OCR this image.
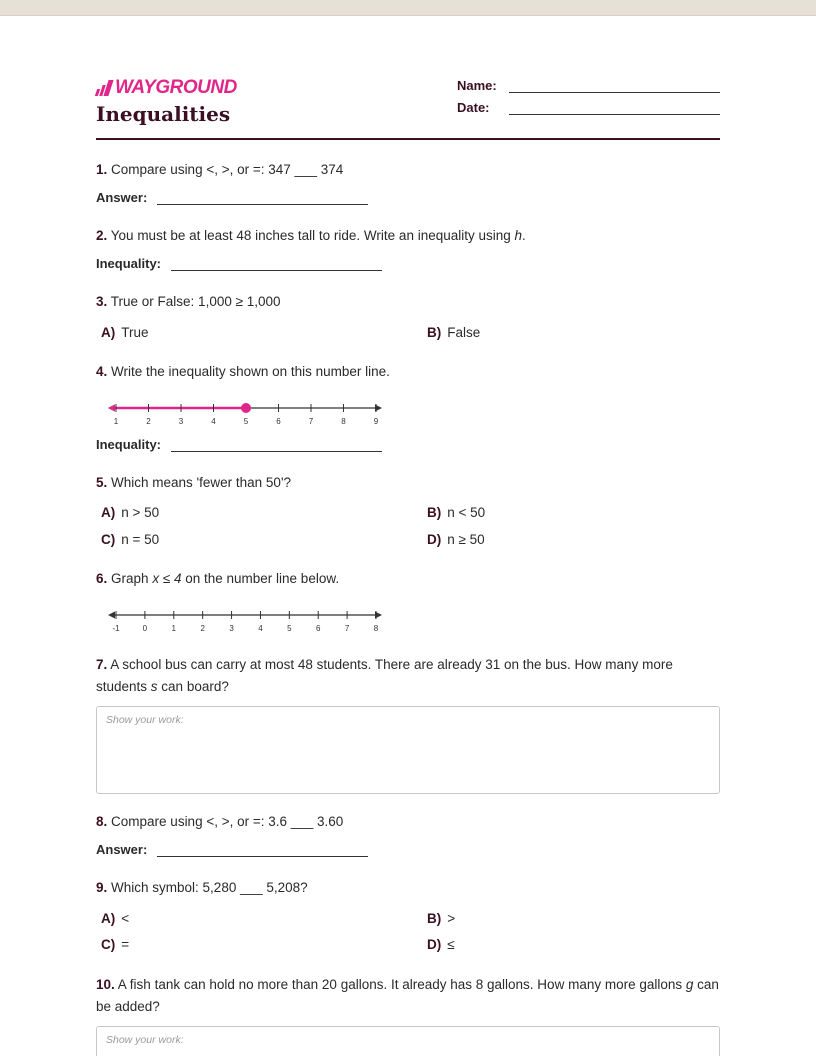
WAYGROUND
Inequalities
Name:
Date:
1. Compare using <, >, or =: 347 ___ 374
Answer:
2. You must be at least 48 inches tall to ride. Write an inequality using h.
Inequality:
3. True or False: 1,000 ≥ 1,000
A) True	B) False
4. Write the inequality shown on this number line.
1	2	3	4	5	6	7	8	9
Inequality:
5. Which means 'fewer than 50'?
A) n > 50	B) n < 50
C) n = 50	D) n ≥ 50
6. Graph x ≤ 4 on the number line below.
-1	0	1	2	3	4	5	6	7	8
7. A school bus can carry at most 48 students. There are already 31 on the bus. How many more students s can board?
Show your work:
8. Compare using <, >, or =: 3.6 ___ 3.60
Answer:
9. Which symbol: 5,280 ___ 5,208?
A) <	B) >
C) =	D) ≤
10. A fish tank can hold no more than 20 gallons. It already has 8 gallons. How many more gallons g can be added?
Show your work:
